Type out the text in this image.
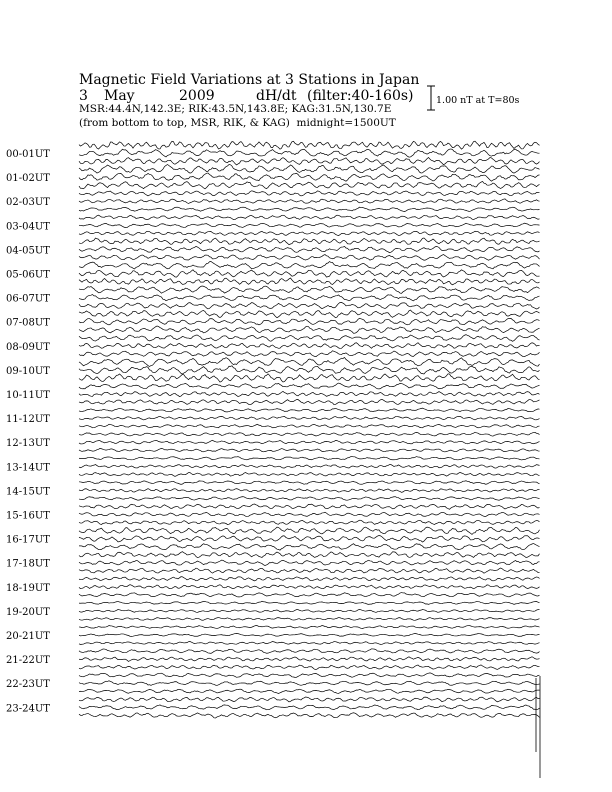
Magnetic Field Variations at 3 Stations in Japan

3

May

	2009

	dH/dt

(filter:40-160s)

MSR:44.4N,142.3E; RIK:43.5N,143.8E; KAG:31.5N,130.7E
(from bottom to top, MSR, RIK, & KAG) midnight=1500UT
1.00 nT at T=80s
00-01UT
01-02UT
02-03UT
03-04UT
04-05UT
05-06UT
06-07UT
07-08UT
08-09UT
09-10UT
10-11UT
11-12UT
12-13UT
13-14UT
14-15UT
15-16UT
16-17UT
17-18UT
18-19UT
19-20UT
20-21UT
21-22UT
22-23UT
23-24UT
